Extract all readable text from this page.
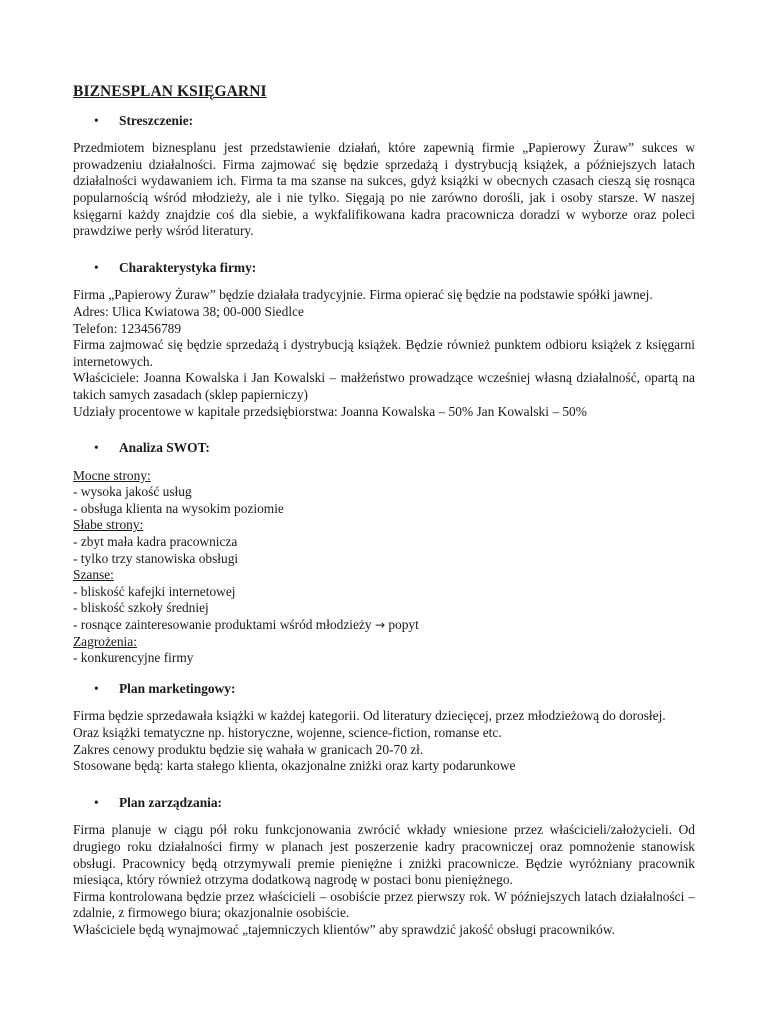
BIZNESPLAN KSIĘGARNI
•	Streszczenie:

Przedmiotem biznesplanu jest przedstawienie działań, które zapewnią firmie „Papierowy Żuraw” sukces w prowadzeniu działalności. Firma zajmować się będzie sprzedażą i dystrybucją książek, a późniejszych latach działalności wydawaniem ich. Firma ta ma szanse na sukces, gdyż książki w obecnych czasach cieszą się rosnąca popularnością wśród młodzieży, ale i nie tylko. Sięgają po nie zarówno dorośli, jak i osoby starsze. W naszej księgarni każdy znajdzie coś dla siebie, a wykfalifikowana kadra pracownicza doradzi w wyborze oraz poleci prawdziwe perły wśród literatury.

•	Charakterystyka firmy:

Firma „Papierowy Żuraw” będzie działała tradycyjnie. Firma opierać się będzie na podstawie spółki jawnej.

Adres: Ulica Kwiatowa 38; 00-000 Siedlce

Telefon: 123456789

Firma zajmować się będzie sprzedażą i dystrybucją książek. Będzie również punktem odbioru książek z księgarni internetowych.

Właściciele: Joanna Kowalska i Jan Kowalski – małżeństwo prowadzące wcześniej własną działalność, opartą na takich samych zasadach (sklep papierniczy)

Udziały procentowe w kapitale przedsiębiorstwa: Joanna Kowalska – 50% Jan Kowalski – 50%

•	Analiza SWOT:

Mocne strony:

- wysoka jakość usług

- obsługa klienta na wysokim poziomie

Słabe strony:

- zbyt mała kadra pracownicza

- tylko trzy stanowiska obsługi

Szanse:

- bliskość kafejki internetowej

- bliskość szkoły średniej

- rosnące zainteresowanie produktami wśród młodzieży → popyt

Zagrożenia:

- konkurencyjne firmy

•	Plan marketingowy:

Firma będzie sprzedawała książki w każdej kategorii. Od literatury dziecięcej, przez młodzieżową do dorosłej.

Oraz książki tematyczne np. historyczne, wojenne, science-fiction, romanse etc.

Zakres cenowy produktu będzie się wahała w granicach 20-70 zł.

Stosowane będą: karta stałego klienta, okazjonalne zniżki oraz karty podarunkowe

•	Plan zarządzania:

Firma planuje w ciągu pół roku funkcjonowania zwrócić wkłady wniesione przez właścicieli/założycieli. Od drugiego roku działalności firmy w planach jest poszerzenie kadry pracowniczej oraz pomnożenie stanowisk obsługi. Pracownicy będą otrzymywali premie pieniężne i zniżki pracownicze. Będzie wyróżniany pracownik miesiąca, który również otrzyma dodatkową nagrodę w postaci bonu pieniężnego.

Firma kontrolowana będzie przez właścicieli – osobiście przez pierwszy rok. W późniejszych latach działalności – zdalnie, z firmowego biura; okazjonalnie osobiście.

Właściciele będą wynajmować „tajemniczych klientów” aby sprawdzić jakość obsługi pracowników.
